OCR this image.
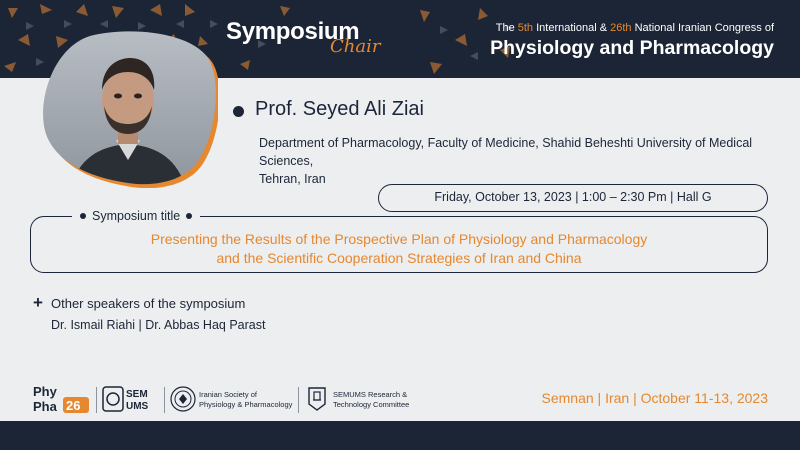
Symposium
Chair
The 5th International & 26th National Iranian Congress of
Physiology and Pharmacology
Prof. Seyed Ali Ziai
Department of Pharmacology, Faculty of Medicine, Shahid Beheshti University of Medical Sciences,
Tehran, Iran
Friday, October 13, 2023 | 1:00 – 2:30 Pm | Hall G
Symposium title
Presenting the Results of the Prospective Plan of Physiology and Pharmacology
and the Scientific Cooperation Strategies of Iran and China
+ Other speakers of the symposium
Dr. Ismail Riahi | Dr. Abbas Haq Parast
Phy
Pha 26
SEM
UMS
Iranian Society of
Physiology & Pharmacology
SEMUMS Research &
Technology Committee	Semnan | Iran | October 11-13, 2023
